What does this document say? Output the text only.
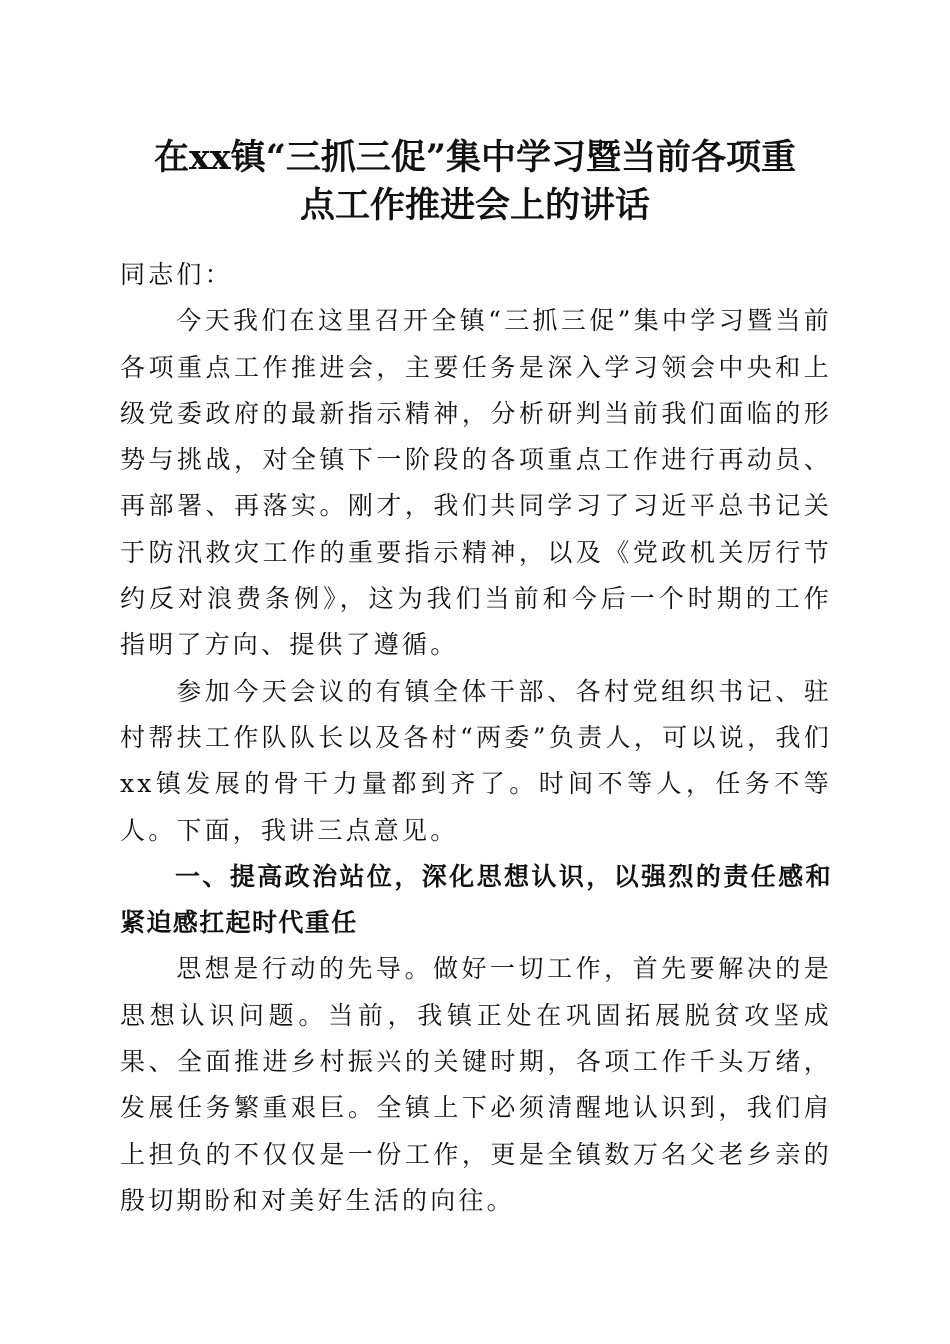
在xx镇“三抓三促”集中学习暨当前各项重
点工作推进会上的讲话

同志们：

今天我们在这里召开全镇“三抓三促”集中学习暨当前各项重点工作推进会，主要任务是深入学习领会中央和上级党委政府的最新指示精神，分析研判当前我们面临的形势与挑战，对全镇下一阶段的各项重点工作进行再动员、再部署、再落实。刚才，我们共同学习了习近平总书记关于防汛救灾工作的重要指示精神，以及《党政机关厉行节约反对浪费条例》，这为我们当前和今后一个时期的工作指明了方向、提供了遵循。

参加今天会议的有镇全体干部、各村党组织书记、驻村帮扶工作队队长以及各村“两委”负责人，可以说，我们xx镇发展的骨干力量都到齐了。时间不等人，任务不等人。下面，我讲三点意见。

一、提高政治站位，深化思想认识，以强烈的责任感和紧迫感扛起时代重任

思想是行动的先导。做好一切工作，首先要解决的是思想认识问题。当前，我镇正处在巩固拓展脱贫攻坚成果、全面推进乡村振兴的关键时期，各项工作千头万绪，发展任务繁重艰巨。全镇上下必须清醒地认识到，我们肩上担负的不仅仅是一份工作，更是全镇数万名父老乡亲的殷切期盼和对美好生活的向往。
